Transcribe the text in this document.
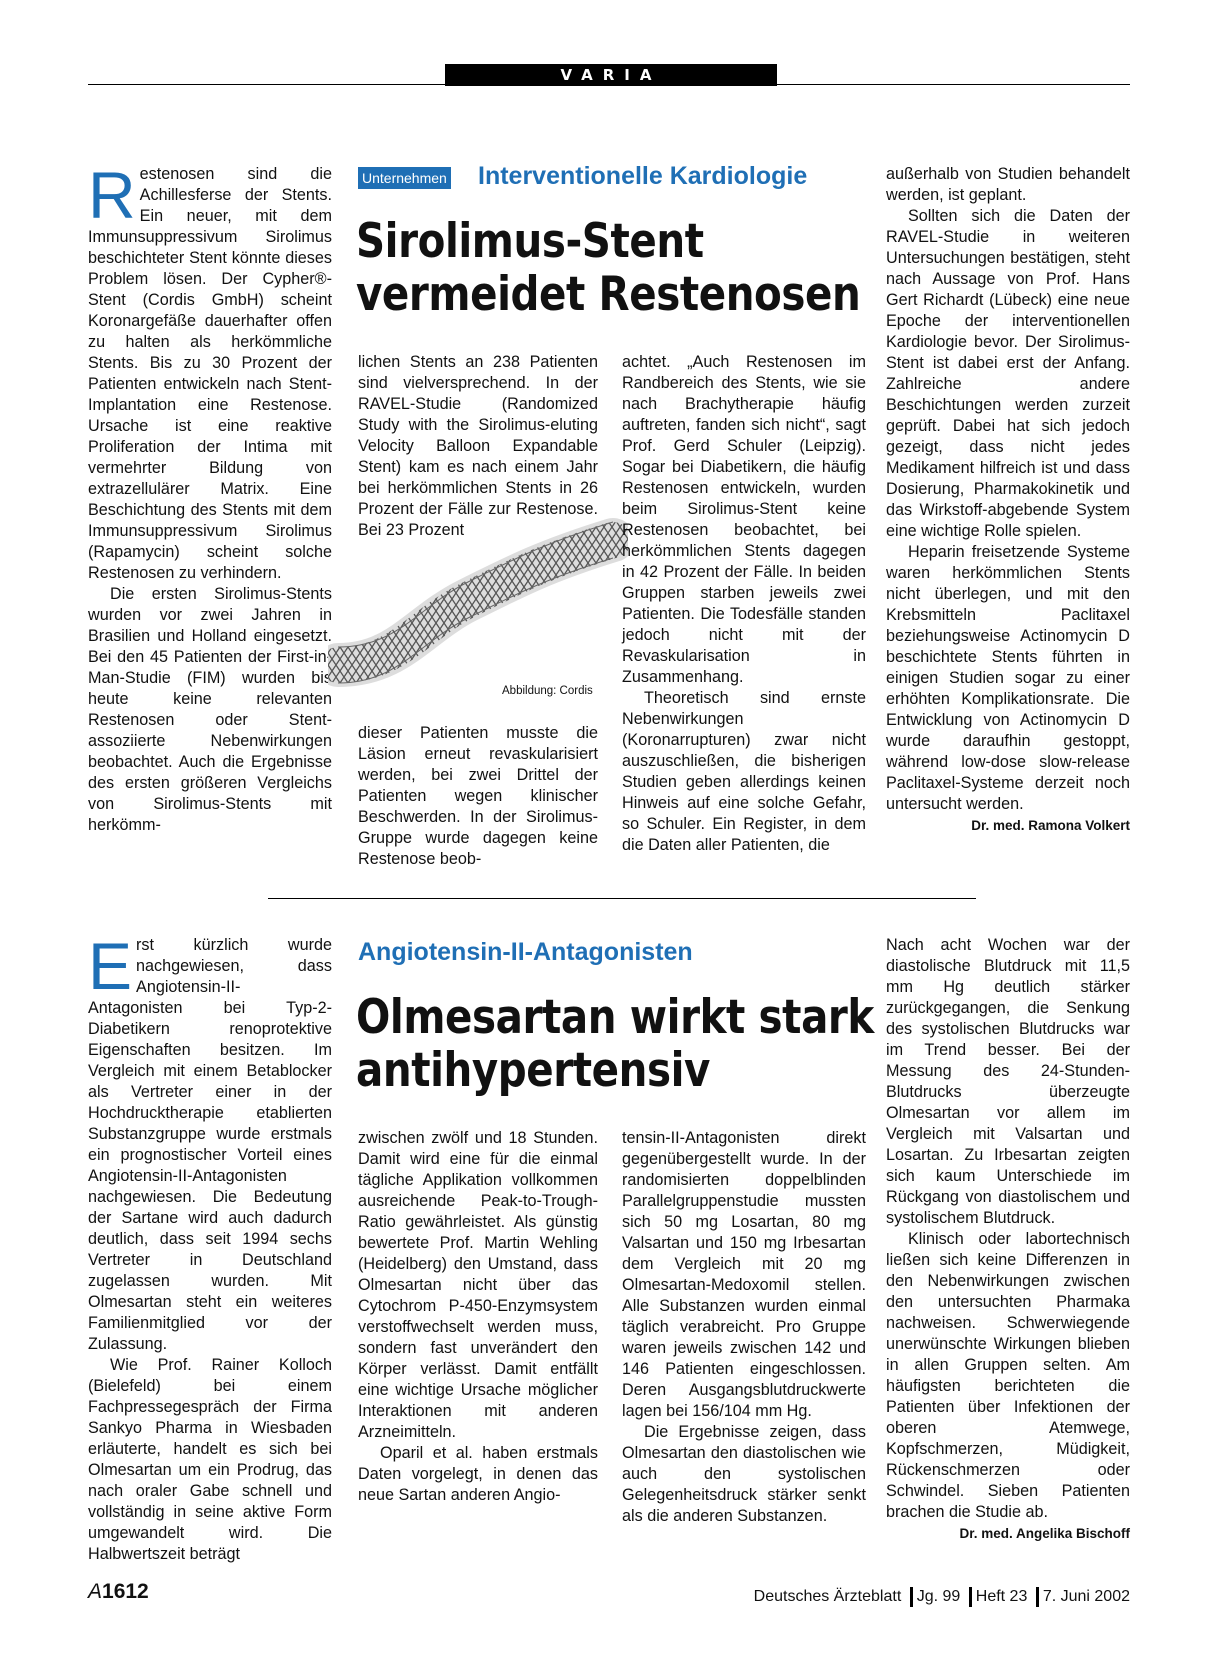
VARIA

Restenosen sind die Achillesferse der Stents. Ein neuer, mit dem Immunsuppressivum Sirolimus beschichteter Stent könnte dieses Problem lösen. Der Cypher®-Stent (Cordis GmbH) scheint Koronargefäße dauerhafter offen zu halten als herkömmliche Stents. Bis zu 30 Prozent der Patienten entwickeln nach Stent-Implantation eine Restenose. Ursache ist eine reaktive Proliferation der Intima mit vermehrter Bildung von extrazellulärer Matrix. Eine Beschichtung des Stents mit dem Immunsuppressivum Sirolimus (Rapamycin) scheint solche Restenosen zu verhindern.

Die ersten Sirolimus-Stents wurden vor zwei Jahren in Brasilien und Holland eingesetzt. Bei den 45 Patienten der First-in-Man-Studie (FIM) wurden bis heute keine relevanten Restenosen oder Stent-assoziierte Nebenwirkungen beobachtet. Auch die Ergebnisse des ersten größeren Vergleichs von Sirolimus-Stents mit herkömm-

Unternehmen Interventionelle Kardiologie
Sirolimus-Stent
vermeidet Restenosen

lichen Stents an 238 Patienten sind vielversprechend. In der RAVEL-Studie (Randomized Study with the Sirolimus-eluting Velocity Balloon Expandable Stent) kam es nach einem Jahr bei herkömmlichen Stents in 26 Prozent der Fälle zur Restenose. Bei 23 Prozent

Abbildung: Cordis

dieser Patienten musste die Läsion erneut revaskularisiert werden, bei zwei Drittel der Patienten wegen klinischer Beschwerden. In der Sirolimus-Gruppe wurde dagegen keine Restenose beob-

achtet. „Auch Restenosen im Randbereich des Stents, wie sie nach Brachytherapie häufig auftreten, fanden sich nicht“, sagt Prof. Gerd Schuler (Leipzig). Sogar bei Diabetikern, die häufig Restenosen entwickeln, wurden beim Sirolimus-Stent keine Restenosen beobachtet, bei herkömmlichen Stents dagegen in 42 Prozent der Fälle. In beiden Gruppen starben jeweils zwei Patienten. Die Todesfälle standen jedoch nicht mit der Revaskularisation in Zusammenhang.

Theoretisch sind ernste Nebenwirkungen (Koronarrupturen) zwar nicht auszuschließen, die bisherigen Studien geben allerdings keinen Hinweis auf eine solche Gefahr, so Schuler. Ein Register, in dem die Daten aller Patienten, die

außerhalb von Studien behandelt werden, ist geplant.

Sollten sich die Daten der RAVEL-Studie in weiteren Untersuchungen bestätigen, steht nach Aussage von Prof. Hans Gert Richardt (Lübeck) eine neue Epoche der interventionellen Kardiologie bevor. Der Sirolimus-Stent ist dabei erst der Anfang. Zahlreiche andere Beschichtungen werden zurzeit geprüft. Dabei hat sich jedoch gezeigt, dass nicht jedes Medikament hilfreich ist und dass Dosierung, Pharmakokinetik und das Wirkstoff-abgebende System eine wichtige Rolle spielen.

Heparin freisetzende Systeme waren herkömmlichen Stents nicht überlegen, und mit den Krebsmitteln Paclitaxel beziehungsweise Actinomycin D beschichtete Stents führten in einigen Studien sogar zu einer erhöhten Komplikationsrate. Die Entwicklung von Actinomycin D wurde daraufhin gestoppt, während low-dose slow-release Paclitaxel-Systeme derzeit noch untersucht werden.

Dr. med. Ramona Volkert

Erst kürzlich wurde nachgewiesen, dass Angiotensin-II-Antagonisten bei Typ-2-Diabetikern renoprotektive Eigenschaften besitzen. Im Vergleich mit einem Betablocker als Vertreter einer in der Hochdrucktherapie etablierten Substanzgruppe wurde erstmals ein prognostischer Vorteil eines Angiotensin-II-Antagonisten nachgewiesen. Die Bedeutung der Sartane wird auch dadurch deutlich, dass seit 1994 sechs Vertreter in Deutschland zugelassen wurden. Mit Olmesartan steht ein weiteres Familienmitglied vor der Zulassung.

Wie Prof. Rainer Kolloch (Bielefeld) bei einem Fachpressegespräch der Firma Sankyo Pharma in Wiesbaden erläuterte, handelt es sich bei Olmesartan um ein Prodrug, das nach oraler Gabe schnell und vollständig in seine aktive Form umgewandelt wird. Die Halbwertszeit beträgt

Angiotensin-II-Antagonisten
Olmesartan wirkt stark
antihypertensiv

zwischen zwölf und 18 Stunden. Damit wird eine für die einmal tägliche Applikation vollkommen ausreichende Peak-to-Trough-Ratio gewährleistet. Als günstig bewertete Prof. Martin Wehling (Heidelberg) den Umstand, dass Olmesartan nicht über das Cytochrom P-450-Enzymsystem verstoffwechselt werden muss, sondern fast unverändert den Körper verlässt. Damit entfällt eine wichtige Ursache möglicher Interaktionen mit anderen Arzneimitteln.

Oparil et al. haben erstmals Daten vorgelegt, in denen das neue Sartan anderen Angio-

tensin-II-Antagonisten direkt gegenübergestellt wurde. In der randomisierten doppelblinden Parallelgruppenstudie mussten sich 50 mg Losartan, 80 mg Valsartan und 150 mg Irbesartan dem Vergleich mit 20 mg Olmesartan-Medoxomil stellen. Alle Substanzen wurden einmal täglich verabreicht. Pro Gruppe waren jeweils zwischen 142 und 146 Patienten eingeschlossen. Deren Ausgangsblutdruckwerte lagen bei 156/104 mm Hg.

Die Ergebnisse zeigen, dass Olmesartan den diastolischen wie auch den systolischen Gelegenheitsdruck stärker senkt als die anderen Substanzen.

Nach acht Wochen war der diastolische Blutdruck mit 11,5 mm Hg deutlich stärker zurückgegangen, die Senkung des systolischen Blutdrucks war im Trend besser. Bei der Messung des 24-Stunden-Blutdrucks überzeugte Olmesartan vor allem im Vergleich mit Valsartan und Losartan. Zu Irbesartan zeigten sich kaum Unterschiede im Rückgang von diastolischem und systolischem Blutdruck.

Klinisch oder labortechnisch ließen sich keine Differenzen in den Nebenwirkungen zwischen den untersuchten Pharmaka nachweisen. Schwerwiegende unerwünschte Wirkungen blieben in allen Gruppen selten. Am häufigsten berichteten die Patienten über Infektionen der oberen Atemwege, Kopfschmerzen, Müdigkeit, Rückenschmerzen oder Schwindel. Sieben Patienten brachen die Studie ab.

Dr. med. Angelika Bischoff

A1612	Deutsches Ärzteblatt Jg. 99 Heft 23 7. Juni 2002
